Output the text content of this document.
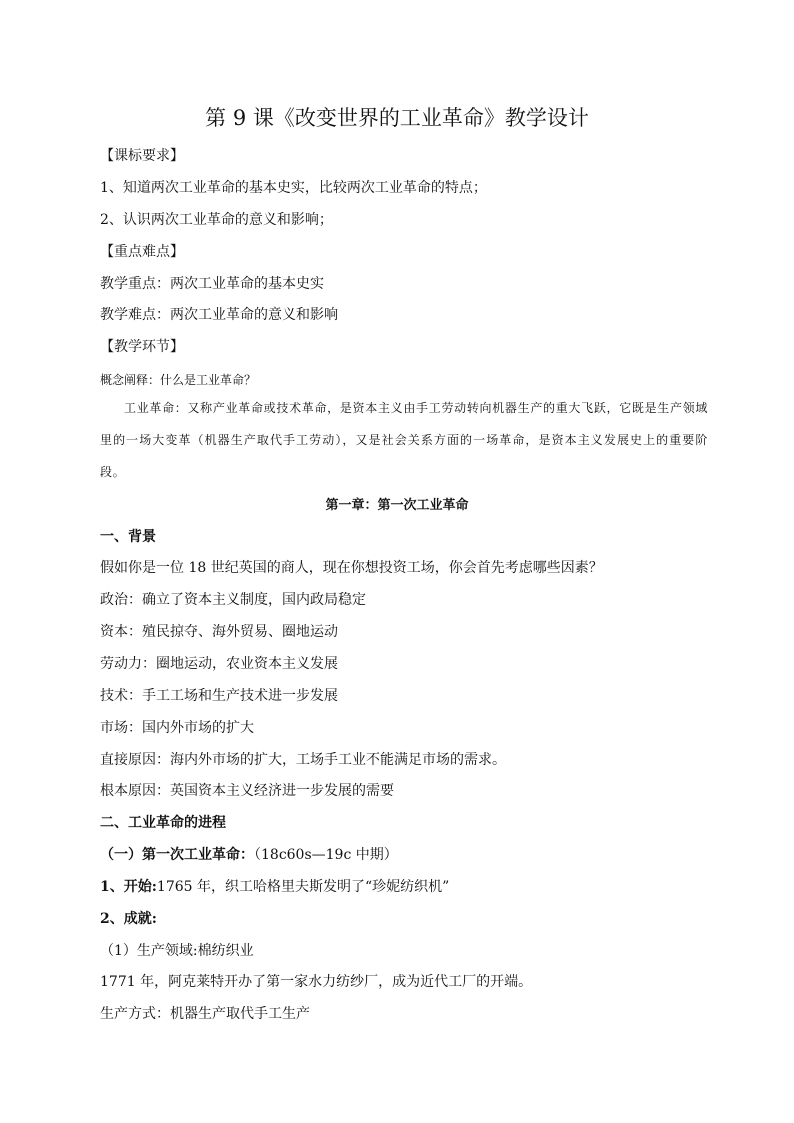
第 9 课《改变世界的工业革命》教学设计
【课标要求】
1、知道两次工业革命的基本史实，比较两次工业革命的特点；
2、认识两次工业革命的意义和影响；
【重点难点】
教学重点：两次工业革命的基本史实
教学难点：两次工业革命的意义和影响
【教学环节】
概念阐释：什么是工业革命？
工业革命：又称产业革命或技术革命，是资本主义由手工劳动转向机器生产的重大飞跃，它既是生产领域里的一场大变革（机器生产取代手工劳动），又是社会关系方面的一场革命，是资本主义发展史上的重要阶段。
第一章：第一次工业革命
一、背景
假如你是一位 18 世纪英国的商人，现在你想投资工场，你会首先考虑哪些因素？
政治：确立了资本主义制度，国内政局稳定
资本：殖民掠夺、海外贸易、圈地运动
劳动力：圈地运动，农业资本主义发展
技术：手工工场和生产技术进一步发展
市场：国内外市场的扩大
直接原因：海内外市场的扩大，工场手工业不能满足市场的需求。
根本原因：英国资本主义经济进一步发展的需要
二、工业革命的进程
（一）第一次工业革命：（18c60s—19c 中期）
1、开始:1765 年，织工哈格里夫斯发明了“珍妮纺织机”
2、成就:
（1）生产领域:棉纺织业
1771 年，阿克莱特开办了第一家水力纺纱厂，成为近代工厂的开端。
生产方式：机器生产取代手工生产
